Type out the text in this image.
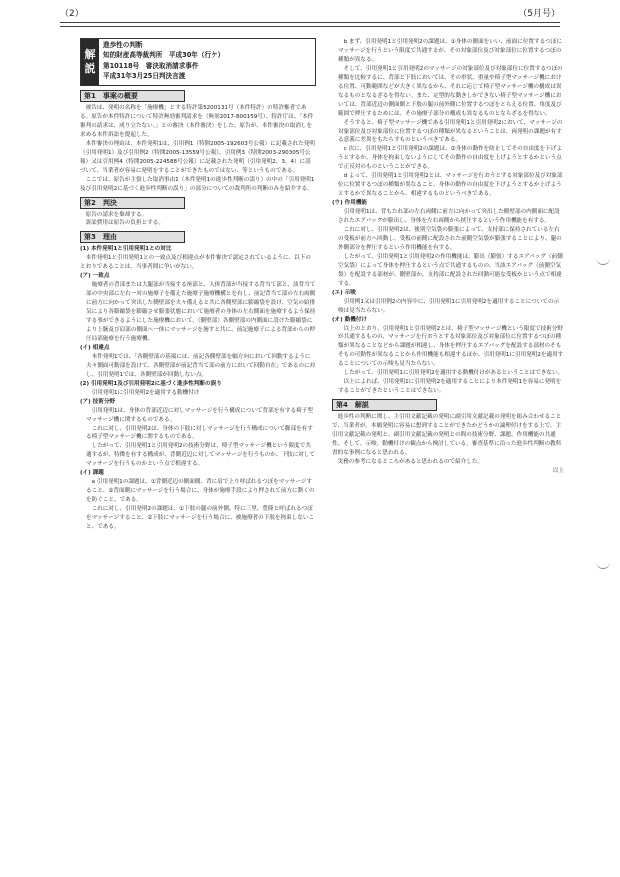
（2）	（5月号）
解
説
進歩性の判断
知的財産高等裁判所　平成30年（行ケ）
第10118号　審決取消請求事件
平成31年3月25日判決言渡
第1　事案の概要

被告は、発明の名称を「施療機」とする特許第5200131号（本件特許）の特許権者である。原告が本件特許について特許無効審判請求を（無効2017-800159号）、特許庁は、「本件審判の請求は、成り立たない。」との審決（本件審決）をした。原告が、本件審決の取消しを求める本件訴訟を提起した。

本件審決の理由は、本件発明1は、引用例1（特開2005-192603号公報）に記載された発明（引用発明1）及び引用例2（特開2005-13559号公報）、引用例3（特開2003-290305号公報）又は引用例4（特開2005-224588号公報）に記載された発明（引用発明2、3、4）に基づいて、当業者が容易に発明をすることができたものではない、等というものである。

ここでは、原告が主張した取消事由1（本件発明1の進歩性判断の誤り）の中の「引用発明1及び引用発明2に基づく進歩性判断の誤り」の部分についての裁判所の判断のみを紹介する。

第2　判決

原告の請求を棄却する。

訴訟費用は原告の負担とする。

第3　理由

(1) 本件発明1と引用発明1との対比

本件発明1と引用発明1との一致点及び相違点が本件審決で認定されているように、以下のとおりであることは、当事者間に争いがない。

(ア) 一致点

施療者の背部または大腿部が当接する座部と、人体背部が当接する背当て部と、該背当て部の中央部に左右一対の施療子を備えた施療子施療機構とを有し、前記背当て部の左右両側に前方に向かって突出した側壁部を夫々備えると共に各側壁部に膨縮袋を設け、空気の給排気により各膨縮袋を膨縮させ膨張状態において施療者の身体の左右側面を施療するよう保持する事ができるようにした施療機において、（側壁部）各側壁部の内側面に設けた膨縮袋により上腕及び肩部の側面へ一体にマッサージを施すと共に、前記施療子による背部からの押圧局部施療を行う施療機。

(イ) 相違点

本件発明1では、「各側壁部の基端には、前記各側壁部を幅方向において回動するように夫々側面可動部を設けて、各側壁部が前記背当て部の前方において回動自在」であるのに対し、引用発明1では、各側壁部が回動しない点。

(2) 引用発明1及び引用発明2に基づく進歩性判断の誤り

引用発明1に引用発明2を適用する動機付け

(ア) 技術分野

引用発明1は、身体の背部近辺に対しマッサージを行う構成について背部を有する椅子型マッサージ機に関するものである。

これに対し、引用発明2は、身体の下肢に対しマッサージを行う構成について脚部を有する椅子型マッサージ機に関するものである。

したがって、引用発明1と引用発明2の技術分野は、椅子型マッサージ機という限度で共通するが、特徴を有する構成が、背側近辺に対してマッサージを行うものか、下肢に対してマッサージを行うものかという点で相違する。

(イ) 課題

a 引用発明1の課題は、①背側近辺の側面側、背に肩で上り呼ばれるつぼをマッサージすること、②背面側にマッサージを行う場合に、身体が施療手段により押されて前方に動くのを防ぐこと、である。

これに対し、引用発明2の課題は、①下肢の腿の前外側、特に三里、豊隆と呼ばれるつぼをマッサージすること、②下肢にマッサージを行う場合に、被施療者の下肢を拘束しないこと、である。

b まず、引用発明1と引用発明2の課題は、①身体の側面をいい、前面に位置するつぼにマッサージを行うという限度で共通するが、その対象部位及び対象部位に位置するつぼの種類が異なる。

そして、引用発明1と引用発明2のマッサージの対象部位及び対象部位に位置するつぼの種類を比較するに、背部と下肢においては、その形状、重量や椅子型マッサージ機における位置、可動範囲などが大きく異なるから、それに応じて椅子型マッサージ機の構成は異なるものとなるざるを得ない。また、定型的な動きしかできない椅子型マッサージ機においては、背部近辺の側面側と下肢の腿の前外側に位置するつぼをとらえる位置、角度及び範囲で押圧するためには、その施療子部分の構成も異なるものとならざるを得ない。

そうすると、椅子型マッサージ機である引用発明1と引用発明2において、マッサージの対象部位及び対象部位に位置するつぼの種類が異なるということは、両発明の課題が有する意義に差異をもたらすものというべきである。

c 次に、引用発明1と引用発明2の課題は、②身体の動作を防止してその自由度を下げようとするか、身体を拘束しないようにしてその動作の自由度を上げようとするかという点で正反対のものということができる。

d よって、引用発明1と引用発明2とは、マッサージを行おうとする対象部位及び対象部位に位置するつぼの種類が異なること、身体の動作の自由度を下げようとするか上げようとするかで異なることから、相違するものというべきである。

(ウ) 作用機能

引用発明1は、背もたれ部の左右両側に前方に向かって突出した側壁部の内側面に配設されたエアバッグが膨出し、身体を左右両側から挟圧するという作用機能を有する。

これに対し、引用発明2は、後別空気袋の膨張によって、支持部に保持されている左右の受板が前方へ回動し、受板の前側に配設された前側空気袋が膨張することにより、腿の外側部分を押圧するという作用機能を有する。

したがって、引用発明1と引用発明2の作用機能は、膨出（膨張）するエアバッグ（前側空気袋）によって身体を押圧するという点で共通するものの、当該エアバッグ（前側空気袋）を配設する部材が、側壁部か、支持部に配設された回動可能な受板かという点で相違する。

(エ) 示唆

引用例1又は引用例2の内容中に、引用発明1に引用発明2を適用することについての示唆は見当たらない。

(オ) 動機付け

以上のとおり、引用発明1と引用発明2とは、椅子型マッサージ機という限度で技術分野が共通するものの、マッサージを行おうとする対象部位及び対象部位に位置するつぼの種類が異なることなどから課題が相違し、身体を押圧するエアバッグを配設する部材のそもそもの可動性が異なることから作用機能も相違するほか、引用発明1に引用発明2を適用することについての示唆も見当たらない。

したがって、引用発明1に引用発明2を適用する動機付けがあるということはできない。

以上によれば、引用発明1に引用発明2を適用することにより本件発明1を容易に発明をすることができたということはできない。

第4　解説

進歩性の判断に関し、主引用文献記載の発明に副引用文献記載の発明を組み合わせることで、当業者が、本願発明に容易に想到することができたかどうかの論理付けをする上で、主引用文献記載の発明と、副引用文献記載の発明との間の技術分野、課題、作用機能の共通性、そして、示唆、動機付けの観点から検討している。審査基準に沿った進歩性判断の教科書的な事例になると思われる。

実務の参考になるところがあると思われるので紹介した。

以上
